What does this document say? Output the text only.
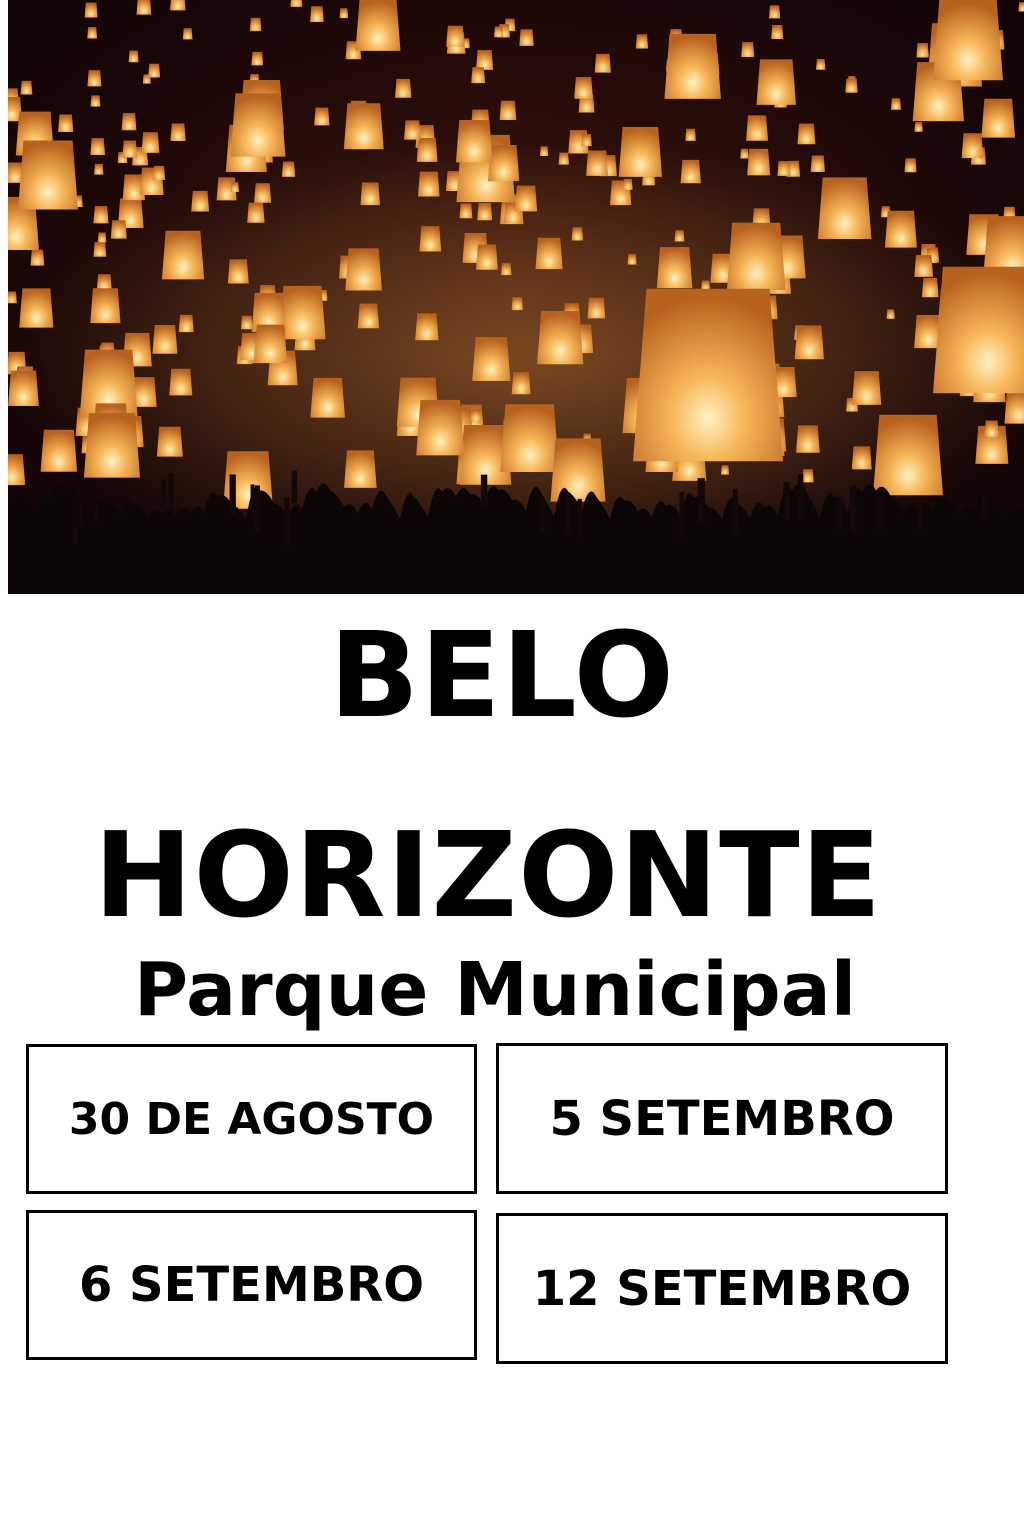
BELO
HORIZONTE
Parque Municipal
30 DE AGOSTO 5 SETEMBRO
6 SETEMBRO 12 SETEMBRO
